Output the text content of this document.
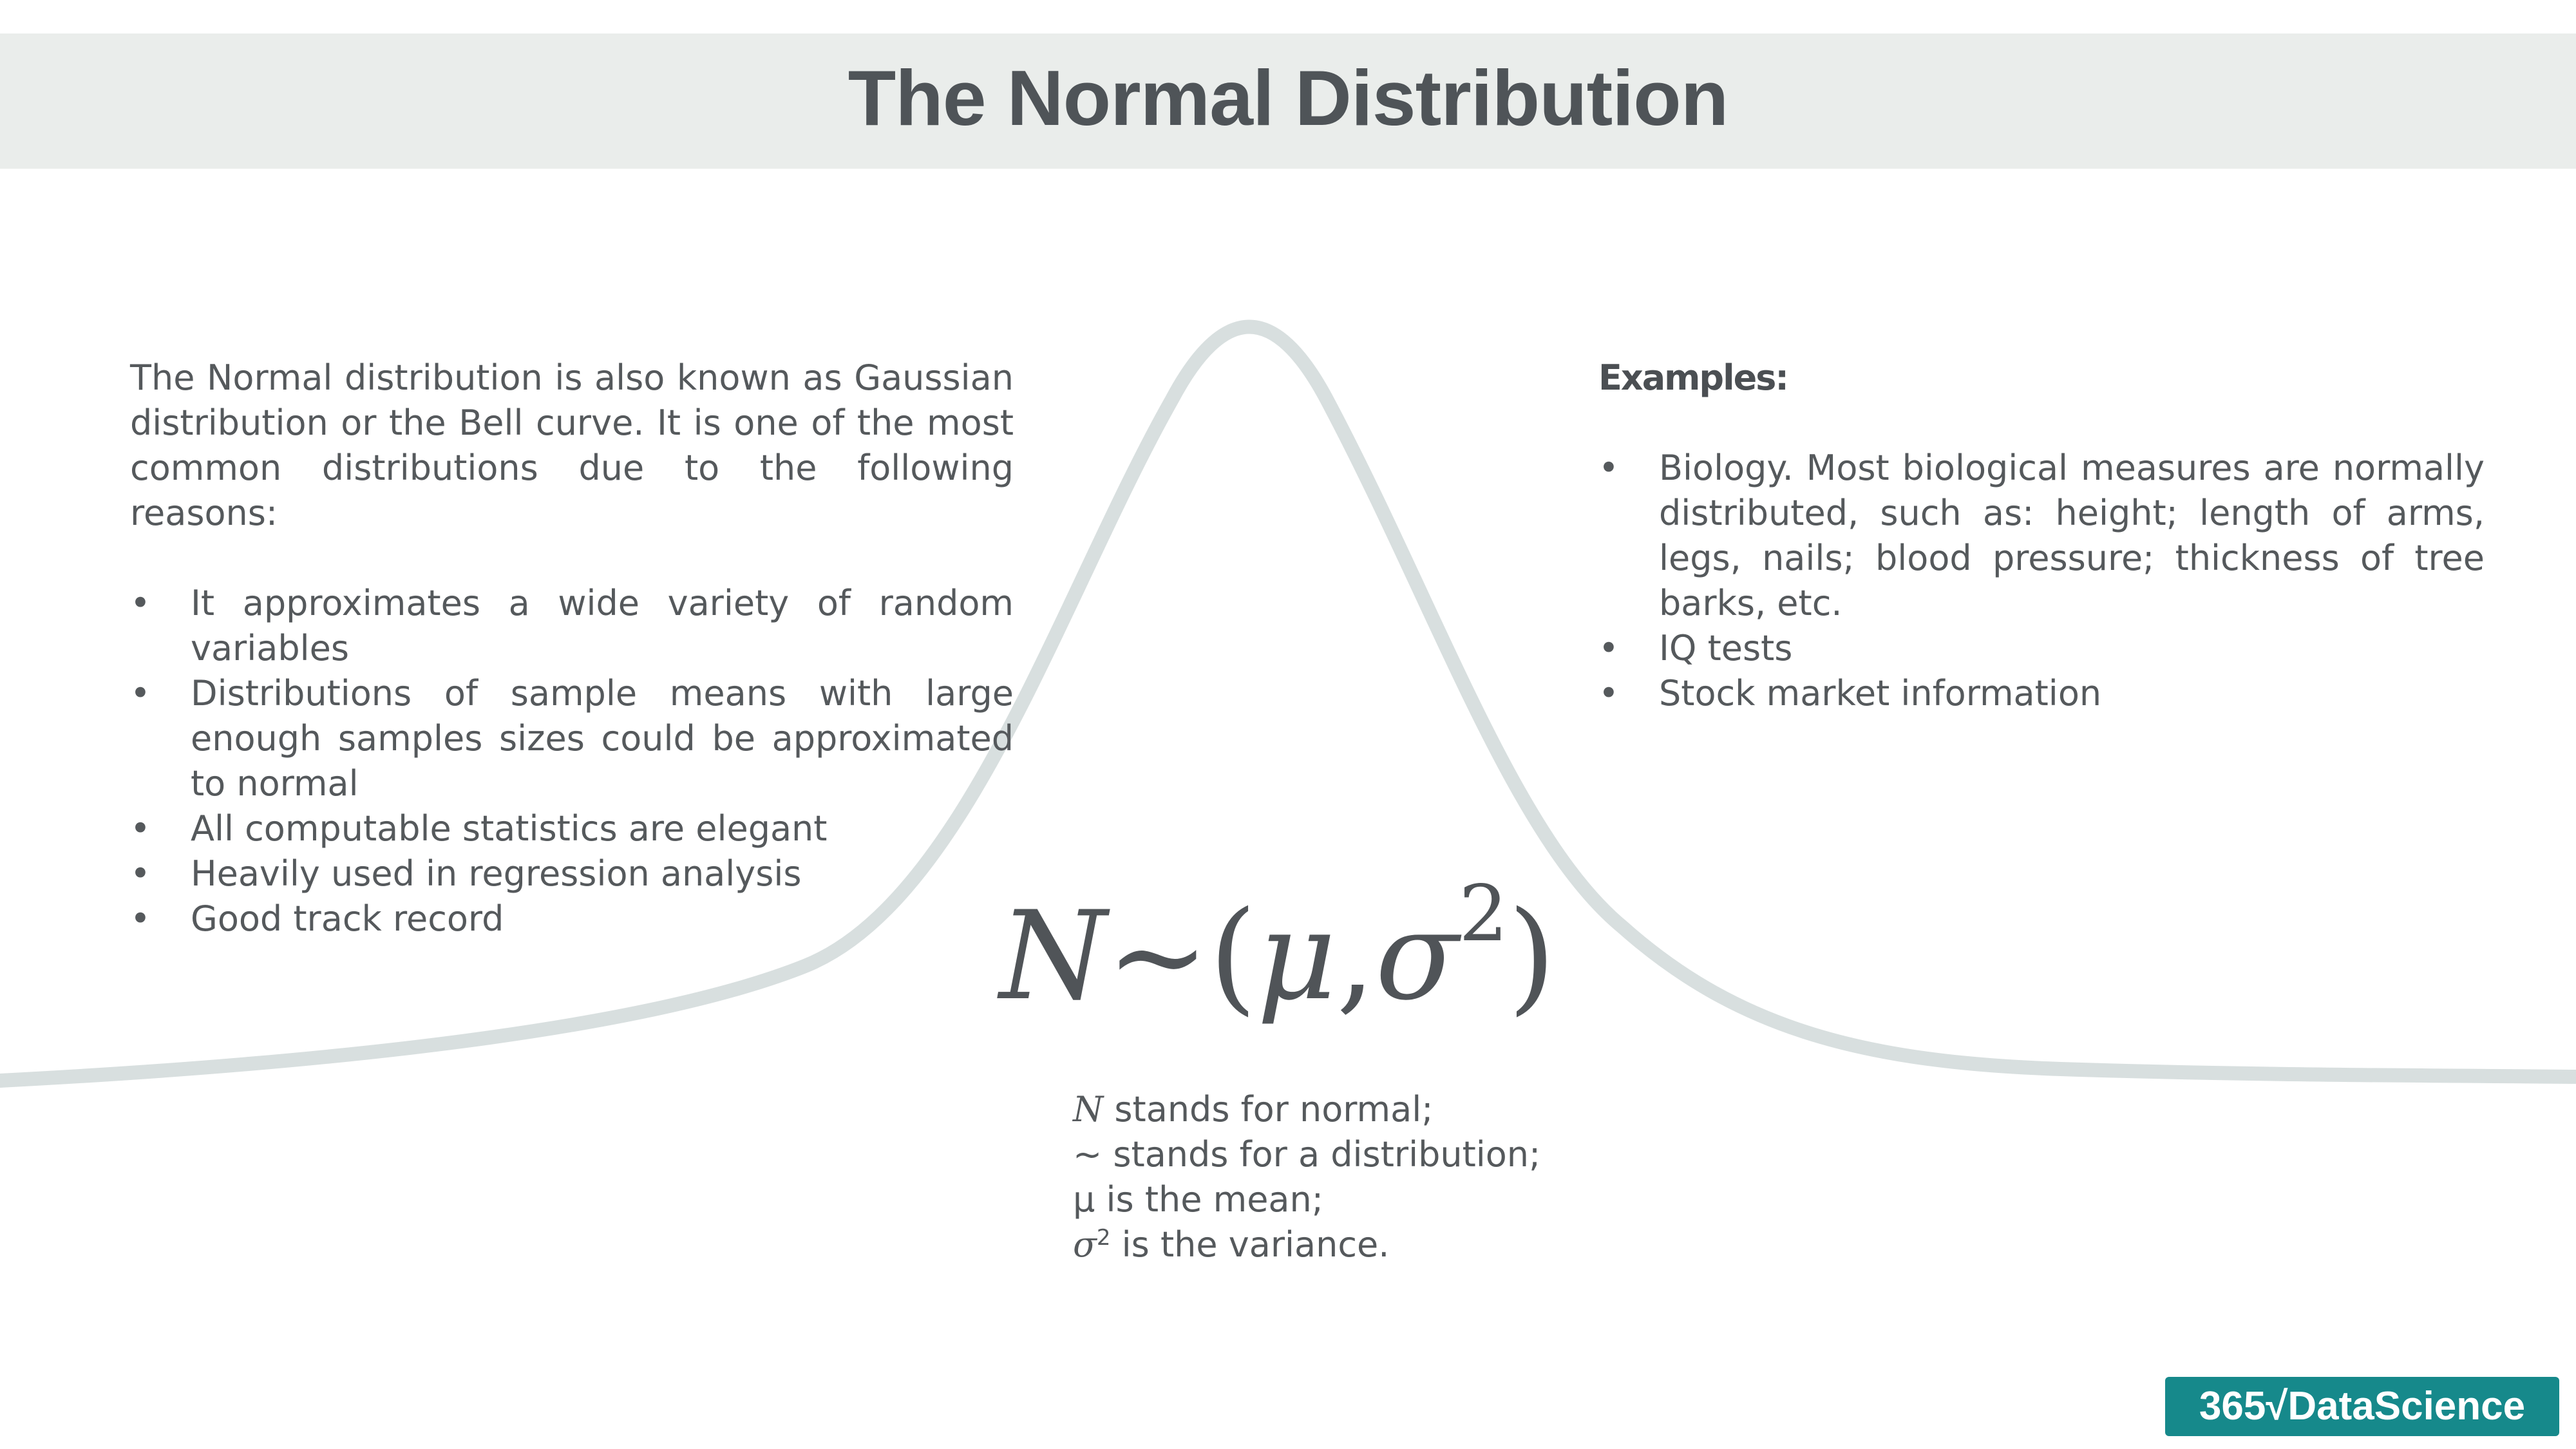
The Normal Distribution
The Normal distribution is also known as Gaussian distribution or the Bell curve. It is one of the most common distributions due to the following reasons:
• It approximates a wide variety of random variables
• Distributions of sample means with large enough samples sizes could be approximated to normal
• All computable statistics are elegant
• Heavily used in regression analysis
• Good track record
Examples:
• Biology. Most biological measures are normally distributed, such as: height; length of arms, legs, nails; blood pressure; thickness of tree barks, etc.
• IQ tests
• Stock market information
$N\sim(\mu,\sigma^2)$
N stands for normal;
~ stands for a distribution;
μ is the mean;
$\sigma^2$ is the variance.
365√DataScience
